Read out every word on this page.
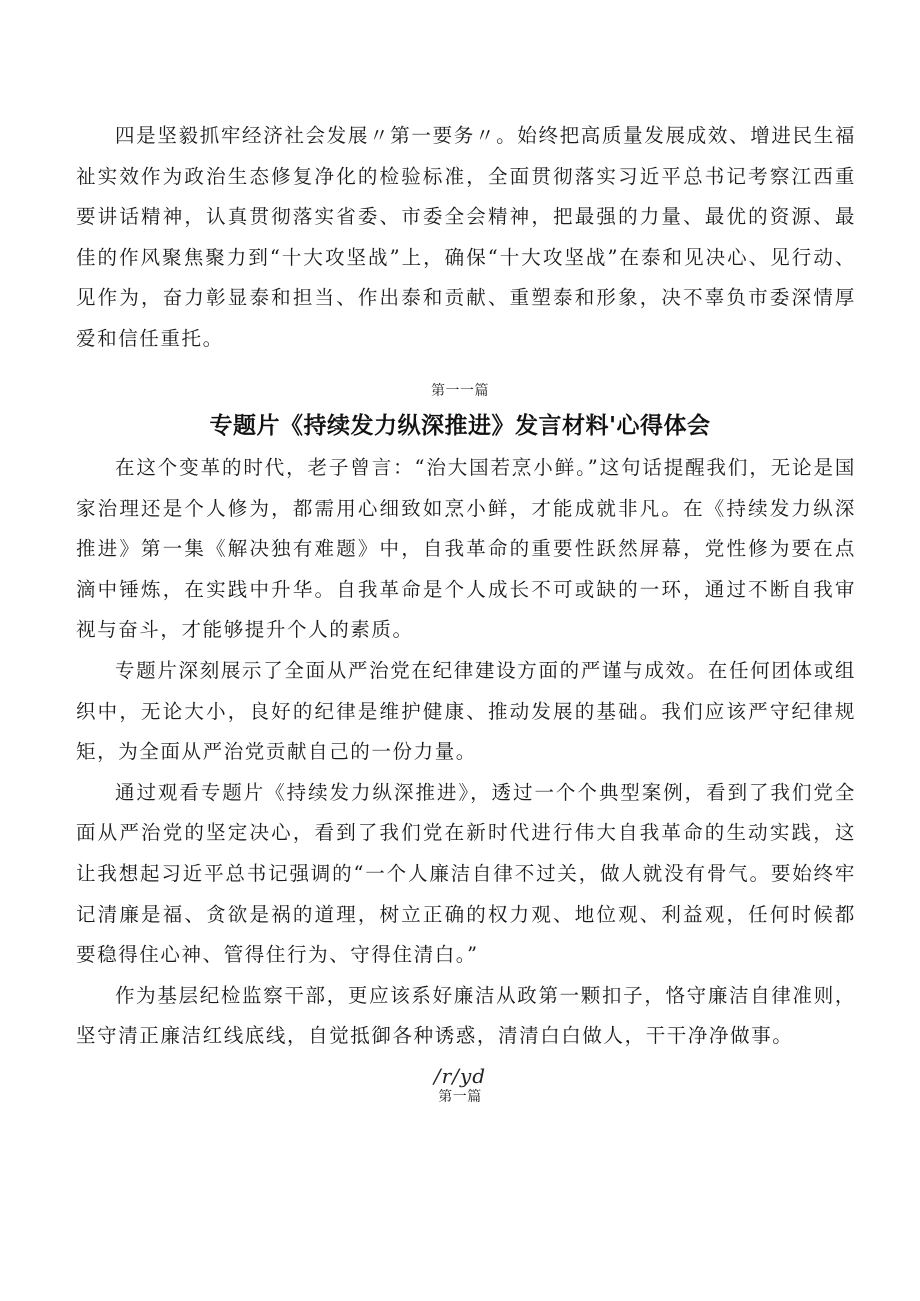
四是坚毅抓牢经济社会发展〃第一要务〃。始终把高质量发展成效、增进民生福祉实效作为政治生态修复净化的检验标准，全面贯彻落实习近平总书记考察江西重要讲话精神，认真贯彻落实省委、市委全会精神，把最强的力量、最优的资源、最佳的作风聚焦聚力到“十大攻坚战”上，确保“十大攻坚战”在泰和见决心、见行动、见作为，奋力彰显泰和担当、作出泰和贡献、重塑泰和形象，决不辜负市委深情厚爱和信任重托。

第一一篇
专题片《持续发力纵深推进》发言材料'心得体会

在这个变革的时代，老子曾言：“治大国若烹小鲜。”这句话提醒我们，无论是国家治理还是个人修为，都需用心细致如烹小鲜，才能成就非凡。在《持续发力纵深推进》第一集《解决独有难题》中，自我革命的重要性跃然屏幕，党性修为要在点滴中锤炼，在实践中升华。自我革命是个人成长不可或缺的一环，通过不断自我审视与奋斗，才能够提升个人的素质。

专题片深刻展示了全面从严治党在纪律建设方面的严谨与成效。在任何团体或组织中，无论大小，良好的纪律是维护健康、推动发展的基础。我们应该严守纪律规矩，为全面从严治党贡献自己的一份力量。

通过观看专题片《持续发力纵深推进》，透过一个个典型案例，看到了我们党全面从严治党的坚定决心，看到了我们党在新时代进行伟大自我革命的生动实践，这让我想起习近平总书记强调的“一个人廉洁自律不过关，做人就没有骨气。要始终牢记清廉是福、贪欲是祸的道理，树立正确的权力观、地位观、利益观，任何时候都要稳得住心神、管得住行为、守得住清白。”

作为基层纪检监察干部，更应该系好廉洁从政第一颗扣子，恪守廉洁自律准则，坚守清正廉洁红线底线，自觉抵御各种诱惑，清清白白做人，干干净净做事。

/r/yd
第一篇
